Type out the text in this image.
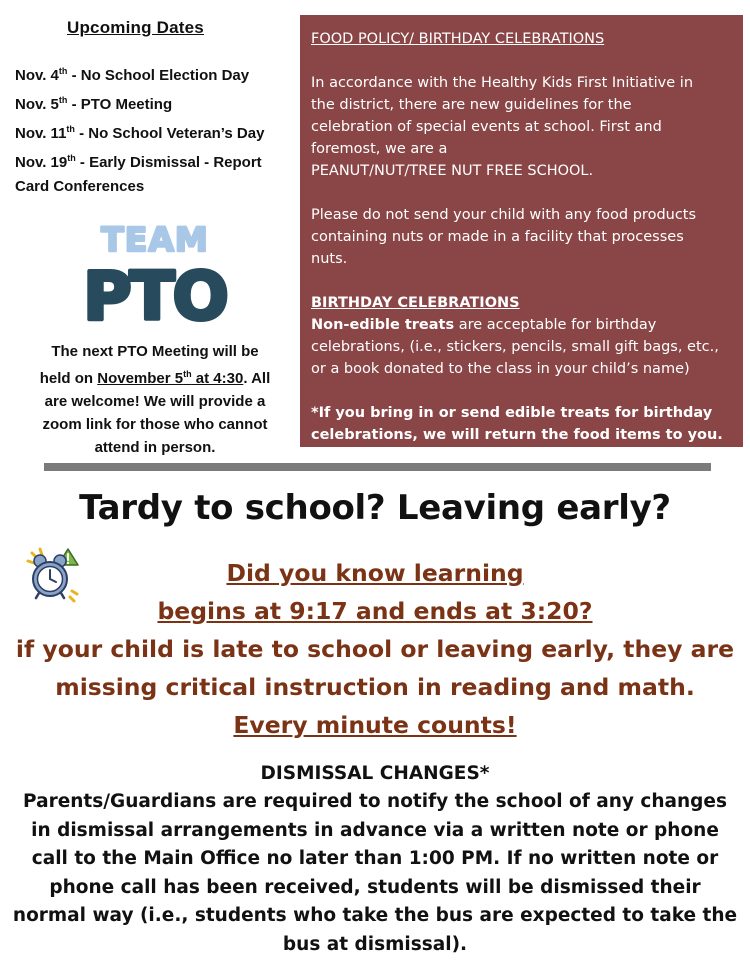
Upcoming Dates
Nov. 4th - No School Election Day
Nov. 5th - PTO Meeting
Nov. 11th - No School Veteran’s Day
Nov. 19th - Early Dismissal - Report
Card Conferences
TEAM
PTO
The next PTO Meeting will be
held on November 5th at 4:30. All
are welcome! We will provide a
zoom link for those who cannot
attend in person.

FOOD POLICY/ BIRTHDAY CELEBRATIONS

In accordance with the Healthy Kids First Initiative in
the district, there are new guidelines for the
celebration of special events at school. First and
foremost, we are a
PEANUT/NUT/TREE NUT FREE SCHOOL.

Please do not send your child with any food products
containing nuts or made in a facility that processes
nuts.

BIRTHDAY CELEBRATIONS
Non-edible treats are acceptable for birthday
celebrations, (i.e., stickers, pencils, small gift bags, etc.,
or a book donated to the class in your child’s name)

*If you bring in or send edible treats for birthday
celebrations, we will return the food items to you.

Tardy to school? Leaving early?
Did you know learning
begins at 9:17 and ends at 3:20?
if your child is late to school or leaving early, they are
missing critical instruction in reading and math.
Every minute counts!
DISMISSAL CHANGES*
Parents/Guardians are required to notify the school of any changes
in dismissal arrangements in advance via a written note or phone
call to the Main Office no later than 1:00 PM. If no written note or
phone call has been received, students will be dismissed their
normal way (i.e., students who take the bus are expected to take the
bus at dismissal).
